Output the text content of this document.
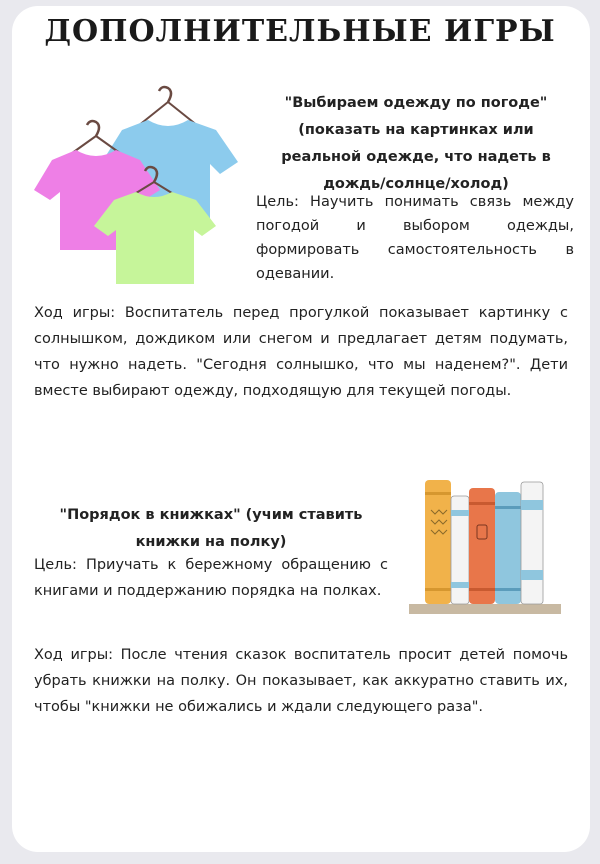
ДОПОЛНИТЕЛЬНЫЕ ИГРЫ
"Выбираем одежду по погоде" (показать на картинках или реальной одежде, что надеть в дождь/солнце/холод)
Цель: Научить понимать связь между погодой и выбором одежды, формировать самостоятельность в одевании.
Ход игры: Воспитатель перед прогулкой показывает картинку с солнышком, дождиком или снегом и предлагает детям подумать, что нужно надеть. "Сегодня солнышко, что мы наденем?". Дети вместе выбирают одежду, подходящую для текущей погоды.
"Порядок в книжках" (учим ставить книжки на полку)
Цель: Приучать к бережному обращению с книгами и поддержанию порядка на полках.
Ход игры: После чтения сказок воспитатель просит детей помочь убрать книжки на полку. Он показывает, как аккуратно ставить их, чтобы "книжки не обижались и ждали следующего раза".
